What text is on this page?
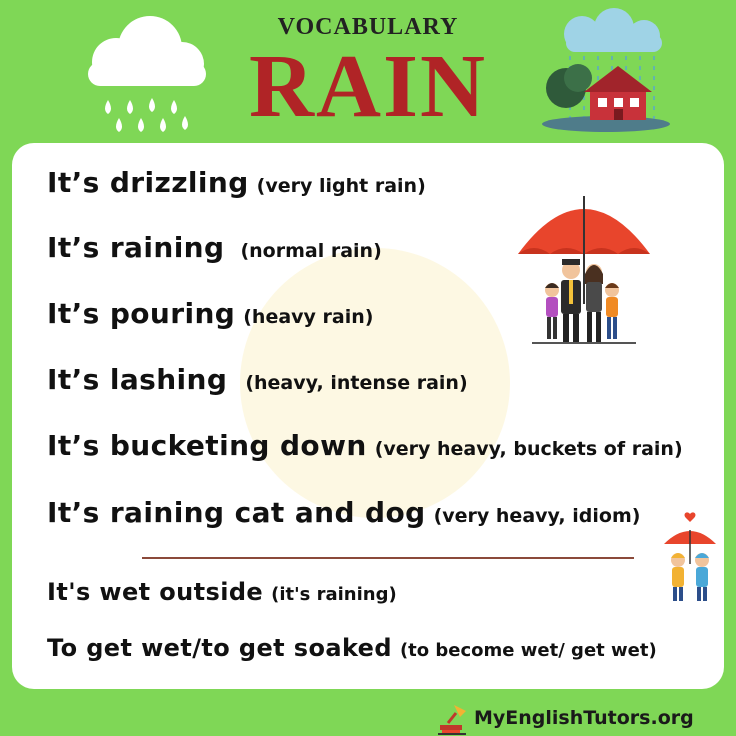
VOCABULARY
RAIN
It’s drizzling (very light rain)
It’s raining (normal rain)
It’s pouring (heavy rain)
It’s lashing (heavy, intense rain)
It’s bucketing down (very heavy, buckets of rain)
It’s raining cat and dog (very heavy, idiom)
It's wet outside (it's raining)
To get wet/to get soaked (to become wet/ get wet)
MyEnglishTutors.org
